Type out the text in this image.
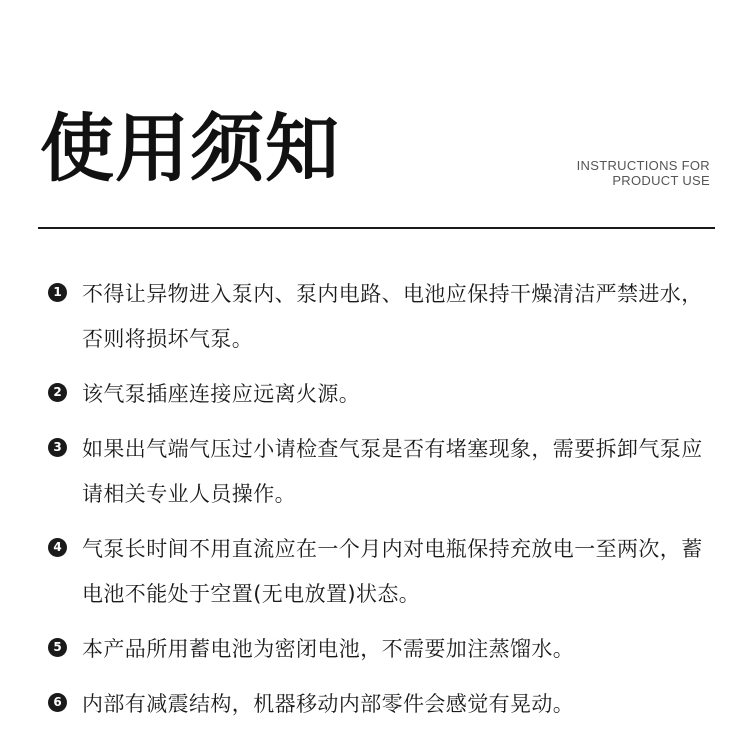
使用须知	INSTRUCTIONS FOR
PRODUCT USE
1 不得让异物进入泵内、泵内电路、电池应保持干燥清洁严禁进水，否则将损坏气泵。
2 该气泵插座连接应远离火源。
3 如果出气端气压过小请检查气泵是否有堵塞现象，需要拆卸气泵应请相关专业人员操作。
4 气泵长时间不用直流应在一个月内对电瓶保持充放电一至两次，蓄电池不能处于空置(无电放置)状态。
5 本产品所用蓄电池为密闭电池，不需要加注蒸馏水。
6 内部有减震结构，机器移动内部零件会感觉有晃动。
